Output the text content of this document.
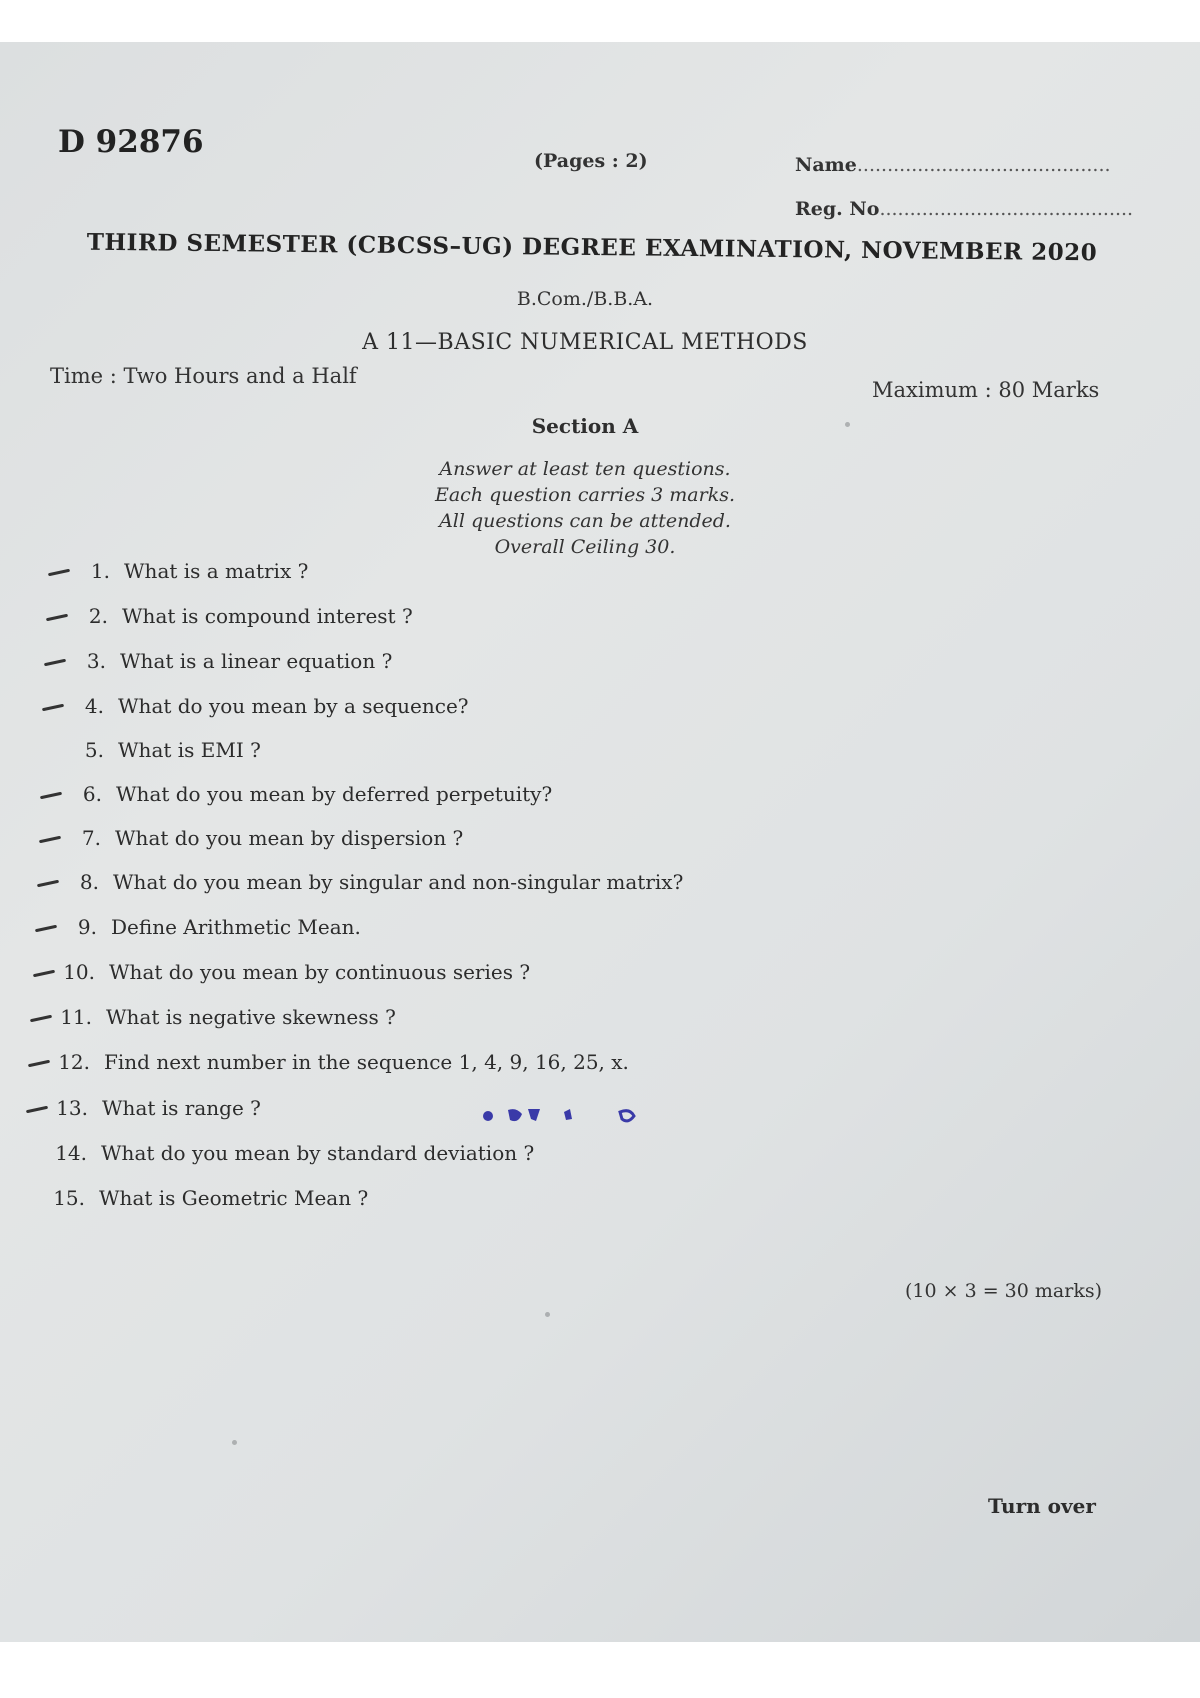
D 92876
(Pages : 2)	Name..........................................
Reg. No..........................................
THIRD SEMESTER (CBCSS–UG) DEGREE EXAMINATION, NOVEMBER 2020
B.Com./B.B.A.
A 11—BASIC NUMERICAL METHODS
Time : Two Hours and a Half
Maximum : 80 Marks
Section A
Answer at least ten questions.
Each question carries 3 marks.
All questions can be attended.
Overall Ceiling 30.
1. What is a matrix ?
2. What is compound interest ?
3. What is a linear equation ?
4. What do you mean by a sequence?
5. What is EMI ?
6. What do you mean by deferred perpetuity?
7. What do you mean by dispersion ?
8. What do you mean by singular and non-singular matrix?
9. Define Arithmetic Mean.
10. What do you mean by continuous series ?
11. What is negative skewness ?
12. Find next number in the sequence 1, 4, 9, 16, 25, x.
13. What is range ?
14. What do you mean by standard deviation ?
15. What is Geometric Mean ?
(10 × 3 = 30 marks)
Turn over
